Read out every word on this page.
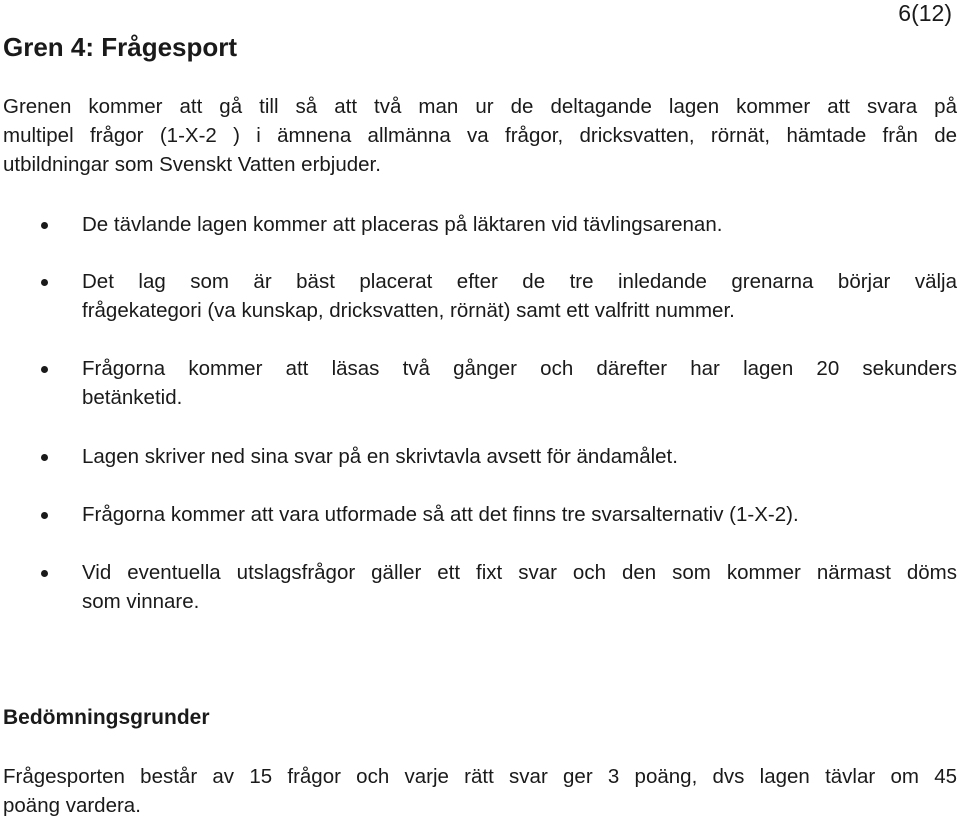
6(12)
Gren 4: Frågesport

Grenen kommer att gå till så att två man ur de deltagande lagen kommer att svara på
multipel frågor (1-X-2 ) i ämnena allmänna va frågor, dricksvatten, rörnät, hämtade från de
utbildningar som Svenskt Vatten erbjuder.

De tävlande lagen kommer att placeras på läktaren vid tävlingsarenan.
Det lag som är bäst placerat efter de tre inledande grenarna börjar välja
frågekategori (va kunskap, dricksvatten, rörnät) samt ett valfritt nummer.
Frågorna kommer att läsas två gånger och därefter har lagen 20 sekunders
betänketid.
Lagen skriver ned sina svar på en skrivtavla avsett för ändamålet.
Frågorna kommer att vara utformade så att det finns tre svarsalternativ (1-X-2).
Vid eventuella utslagsfrågor gäller ett fixt svar och den som kommer närmast döms
som vinnare.
Bedömningsgrunder

Frågesporten består av 15 frågor och varje rätt svar ger 3 poäng, dvs lagen tävlar om 45
poäng vardera.
